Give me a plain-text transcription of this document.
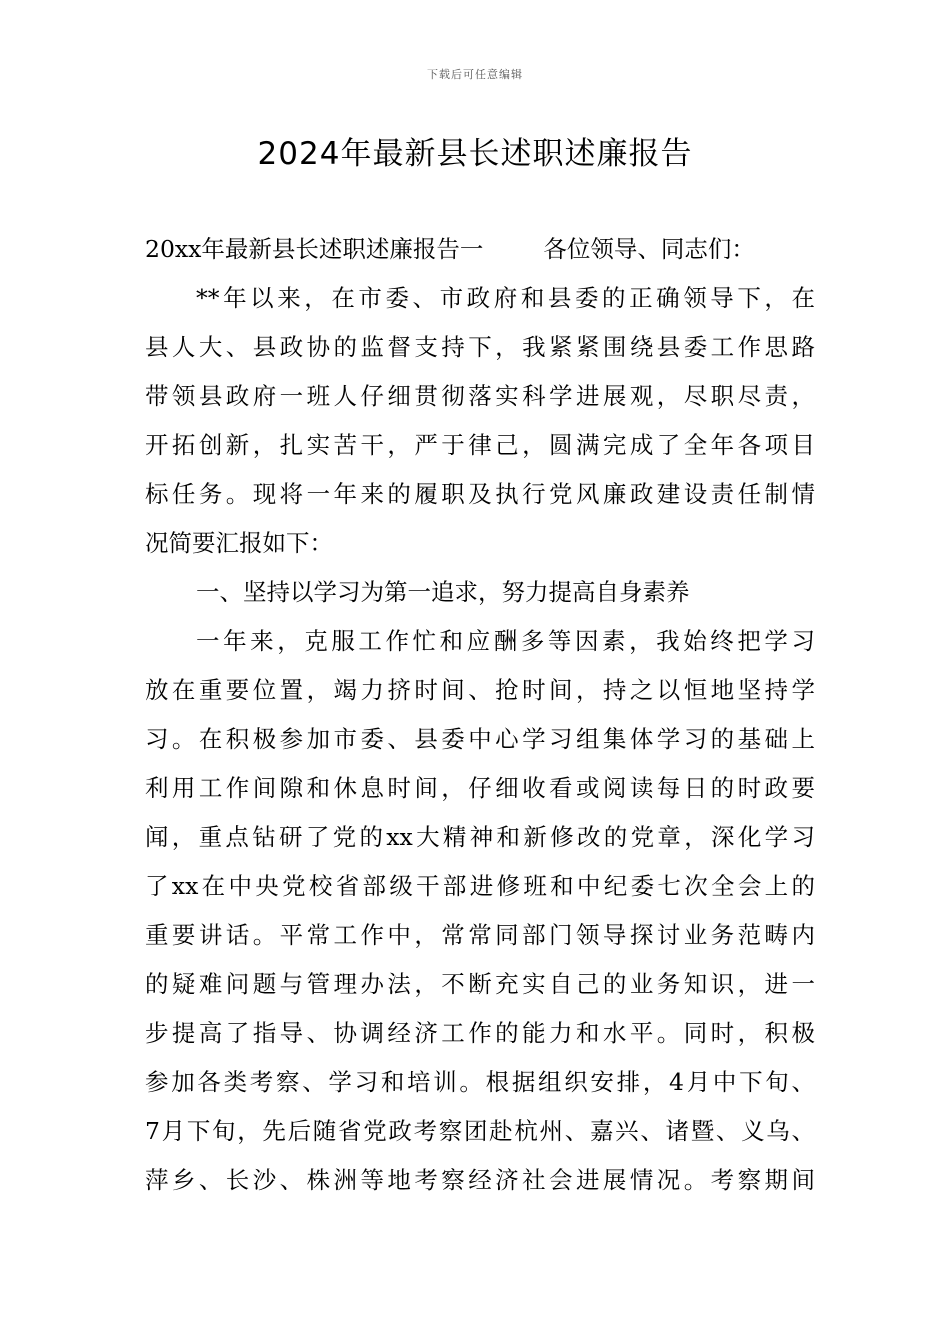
下载后可任意编辑
2024年最新县长述职述廉报告
20xx年最新县长述职述廉报告一	各位领导、同志们：
**年以来，在市委、市政府和县委的正确领导下，在
县人大、县政协的监督支持下，我紧紧围绕县委工作思路
带领县政府一班人仔细贯彻落实科学进展观，尽职尽责，
开拓创新，扎实苦干，严于律己，圆满完成了全年各项目
标任务。现将一年来的履职及执行党风廉政建设责任制情
况简要汇报如下：
一、坚持以学习为第一追求，努力提高自身素养
一年来，克服工作忙和应酬多等因素，我始终把学习
放在重要位置，竭力挤时间、抢时间，持之以恒地坚持学
习。在积极参加市委、县委中心学习组集体学习的基础上
利用工作间隙和休息时间，仔细收看或阅读每日的时政要
闻，重点钻研了党的xx大精神和新修改的党章，深化学习
了xx在中央党校省部级干部进修班和中纪委七次全会上的
重要讲话。平常工作中，常常同部门领导探讨业务范畴内
的疑难问题与管理办法，不断充实自己的业务知识，进一
步提高了指导、协调经济工作的能力和水平。同时，积极
参加各类考察、学习和培训。根据组织安排，4月中下旬、
7月下旬，先后随省党政考察团赴杭州、嘉兴、诸暨、义乌、
萍乡、长沙、株洲等地考察经济社会进展情况。考察期间
